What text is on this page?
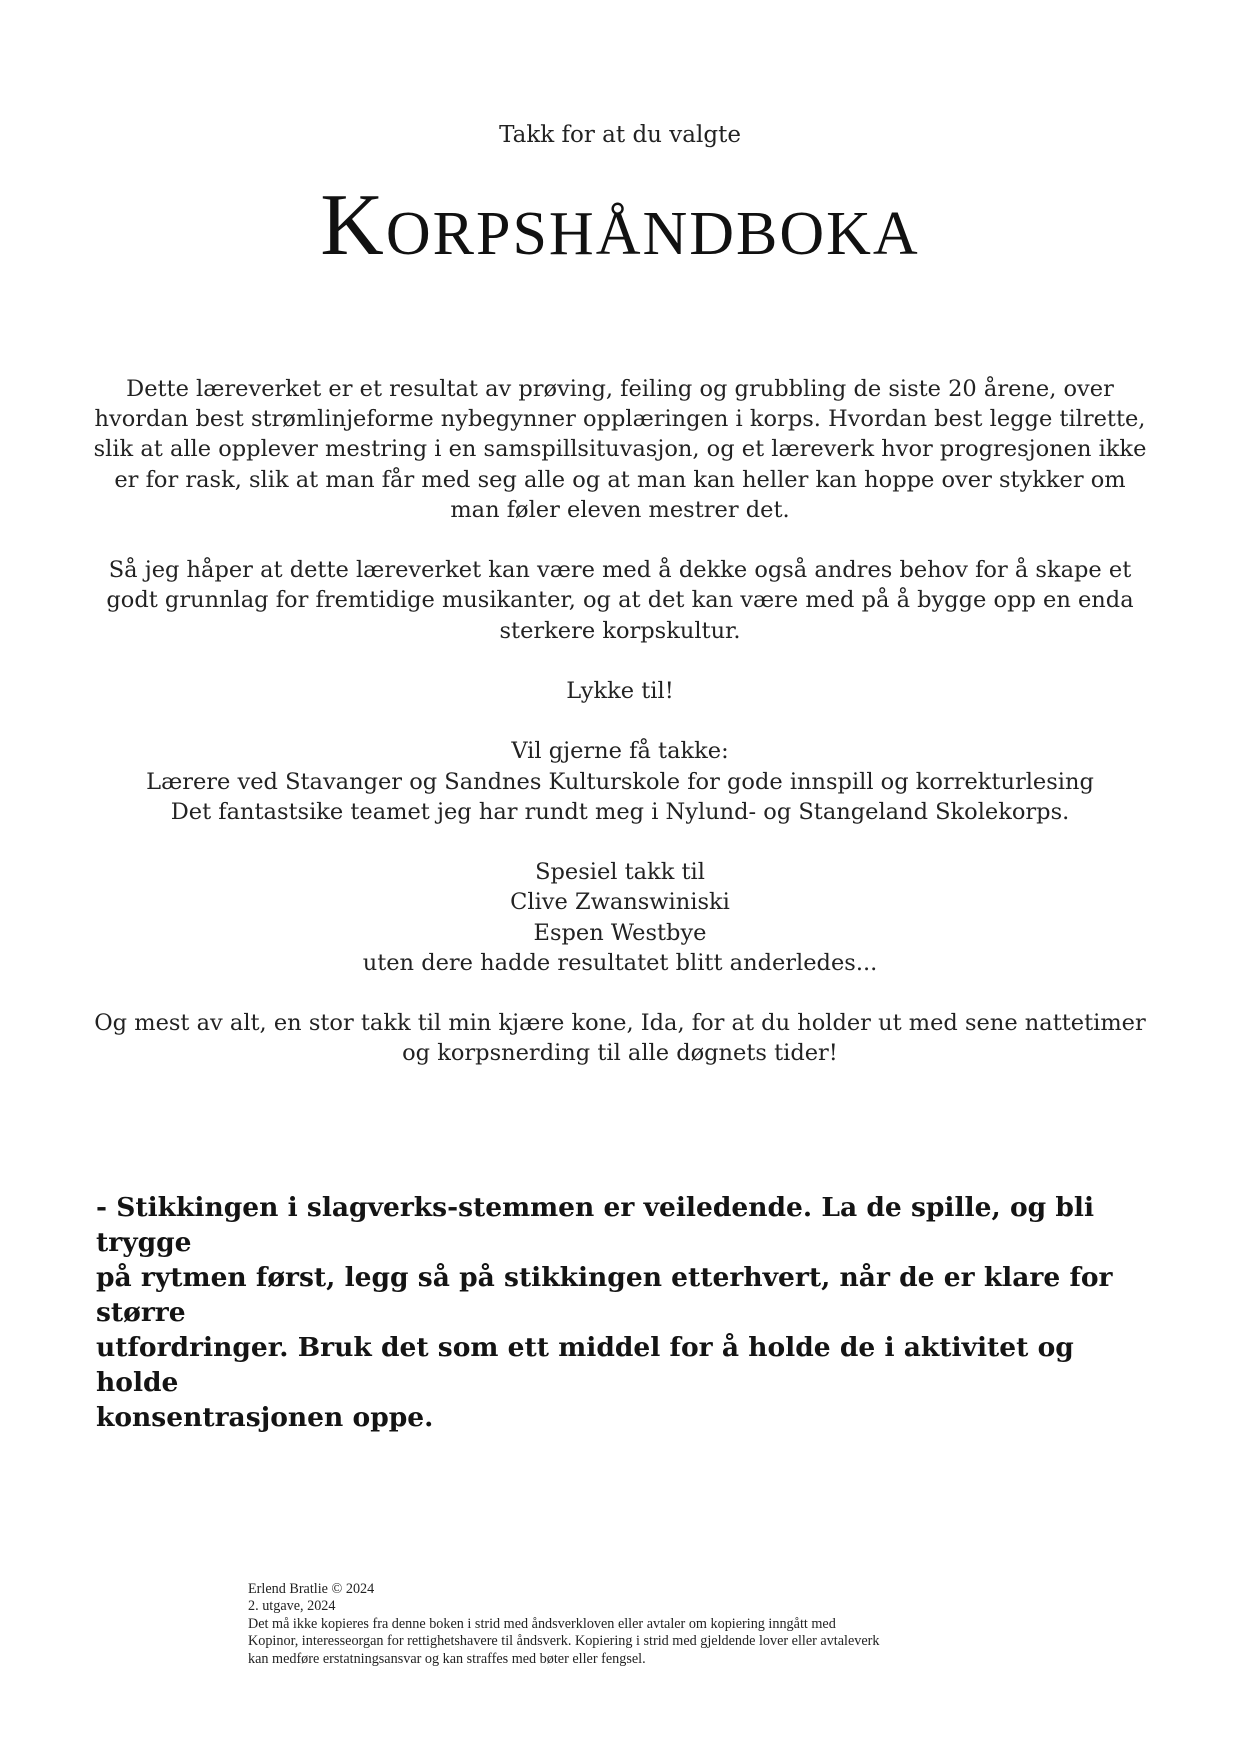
Takk for at du valgte
Korpshåndboka

Dette læreverket er et resultat av prøving, feiling og grubbling de siste 20 årene, over
hvordan best strømlinjeforme nybegynner opplæringen i korps. Hvordan best legge tilrette,
slik at alle opplever mestring i en samspillsituvasjon, og et læreverk hvor progresjonen ikke
er for rask, slik at man får med seg alle og at man kan heller kan hoppe over stykker om
man føler eleven mestrer det.

Så jeg håper at dette læreverket kan være med å dekke også andres behov for å skape et
godt grunnlag for fremtidige musikanter, og at det kan være med på å bygge opp en enda
sterkere korpskultur.

Lykke til!

Vil gjerne få takke:
Lærere ved Stavanger og Sandnes Kulturskole for gode innspill og korrekturlesing
Det fantastsike teamet jeg har rundt meg i Nylund- og Stangeland Skolekorps.

Spesiel takk til
Clive Zwanswiniski
Espen Westbye
uten dere hadde resultatet blitt anderledes...

Og mest av alt, en stor takk til min kjære kone, Ida, for at du holder ut med sene nattetimer
og korpsnerding til alle døgnets tider!

- Stikkingen i slagverks-stemmen er veiledende. La de spille, og bli trygge
på rytmen først, legg så på stikkingen etterhvert, når de er klare for større
utfordringer. Bruk det som ett middel for å holde de i aktivitet og holde
konsentrasjonen oppe.
Erlend Bratlie © 2024
2. utgave, 2024
Det må ikke kopieres fra denne boken i strid med åndsverkloven eller avtaler om kopiering inngått med
Kopinor, interesseorgan for rettighetshavere til åndsverk. Kopiering i strid med gjeldende lover eller avtaleverk
kan medføre erstatningsansvar og kan straffes med bøter eller fengsel.
